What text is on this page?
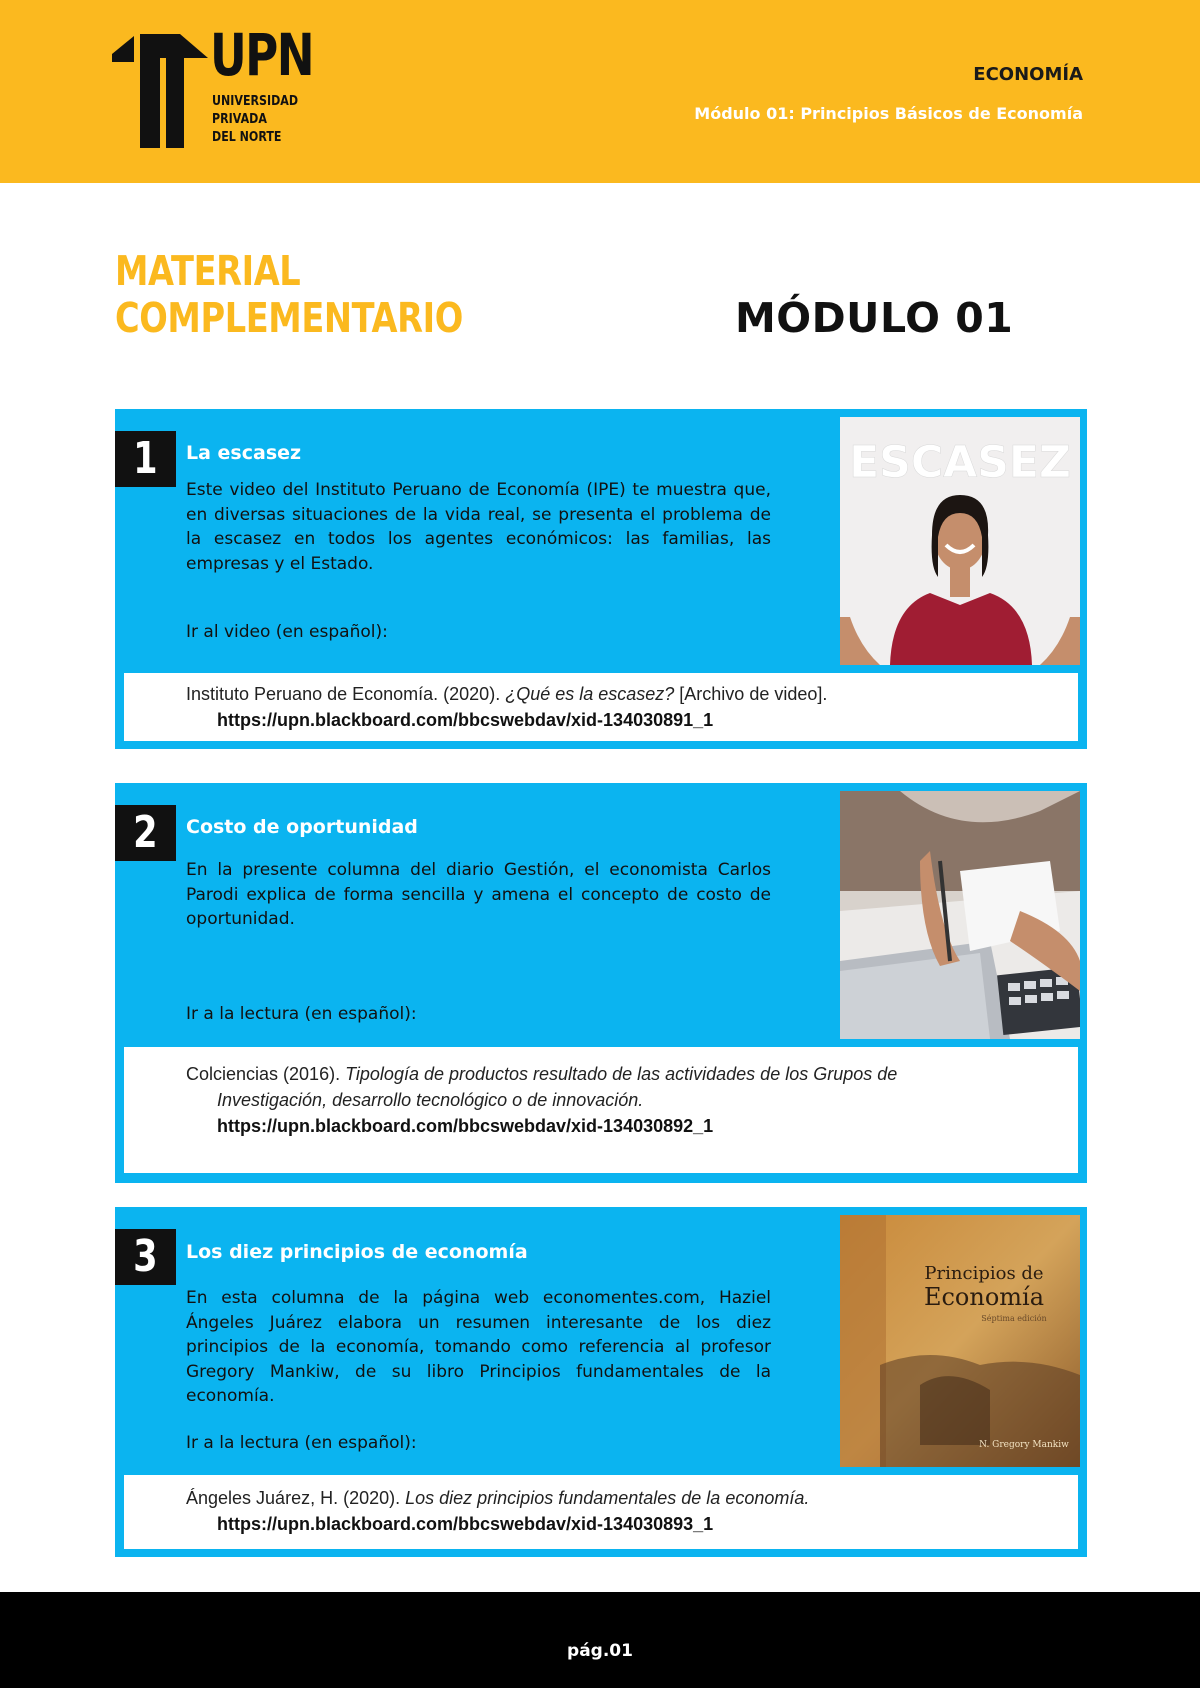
UPN
UNIVERSIDAD
PRIVADA
DEL NORTE
ECONOMÍA
Módulo 01: Principios Básicos de Economía
MATERIAL
COMPLEMENTARIO	MÓDULO 01
1	La escasez
Este video del Instituto Peruano de Economía (IPE) te muestra que, en diversas situaciones de la vida real, se presenta el problema de la escasez en todos los agentes económicos: las familias, las empresas y el Estado.
Ir al video (en español):
ESCASEZ
Instituto Peruano de Economía. (2020). ¿Qué es la escasez? [Archivo de video].
https://upn.blackboard.com/bbcswebdav/xid-134030891_1
2	Costo de oportunidad
En la presente columna del diario Gestión, el economista Carlos Parodi explica de forma sencilla y amena el concepto de costo de oportunidad.
Ir a la lectura (en español):
Colciencias (2016). Tipología de productos resultado de las actividades de los Grupos de
Investigación, desarrollo tecnológico o de innovación.
https://upn.blackboard.com/bbcswebdav/xid-134030892_1
3	Los diez principios de economía
En esta columna de la página web economentes.com, Haziel Ángeles Juárez elabora un resumen interesante de los diez principios de la economía, tomando como referencia al profesor Gregory Mankiw, de su libro Principios fundamentales de la economía.
Ir a la lectura (en español):
Principios de
Economía
Séptima edición
N. Gregory Mankiw
Ángeles Juárez, H. (2020). Los diez principios fundamentales de la economía.
https://upn.blackboard.com/bbcswebdav/xid-134030893_1
pág.01
